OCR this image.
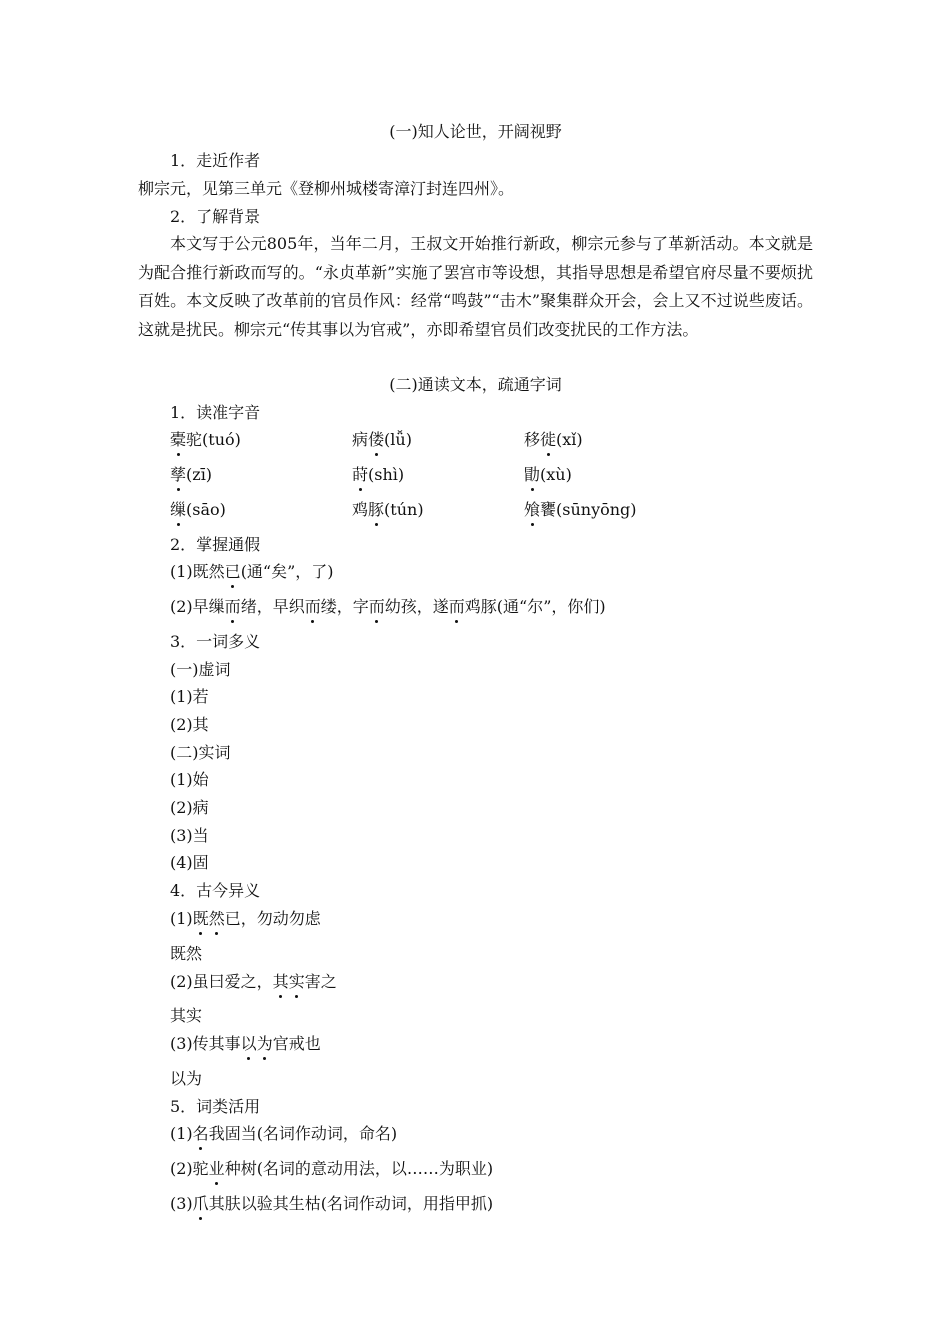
(一)知人论世，开阔视野
1．走近作者
柳宗元，见第三单元《登柳州城楼寄漳汀封连四州》。
2．了解背景
本文写于公元805年，当年二月，王叔文开始推行新政，柳宗元参与了革新活动。本文就是为配合推行新政而写的。“永贞革新”实施了罢宫市等设想，其指导思想是希望官府尽量不要烦扰百姓。本文反映了改革前的官员作风：经常“鸣鼓”“击木”聚集群众开会，会上又不过说些废话。这就是扰民。柳宗元“传其事以为官戒”，亦即希望官员们改变扰民的工作方法。
(二)通读文本，疏通字词
1．读准字音
橐驼(tuó)	病偻(lǚ)	移徙(xǐ)
孳(zī)	莳(shì)	勖(xù)
缫(sāo)	鸡豚(tún)	飧饔(sūnyōng)
2．掌握通假
(1)既然已(通“矣”，了)
(2)早缫而绪，早织而缕，字而幼孩，遂而鸡豚(通“尔”，你们)
3．一词多义
(一)虚词
(1)若
(2)其
(二)实词
(1)始
(2)病
(3)当
(4)固
4．古今异义
(1)既然已，勿动勿虑
既然
(2)虽曰爱之，其实害之
其实
(3)传其事以为官戒也
以为
5．词类活用
(1)名我固当(名词作动词，命名)
(2)驼业种树(名词的意动用法，以……为职业)
(3)爪其肤以验其生枯(名词作动词，用指甲抓)
